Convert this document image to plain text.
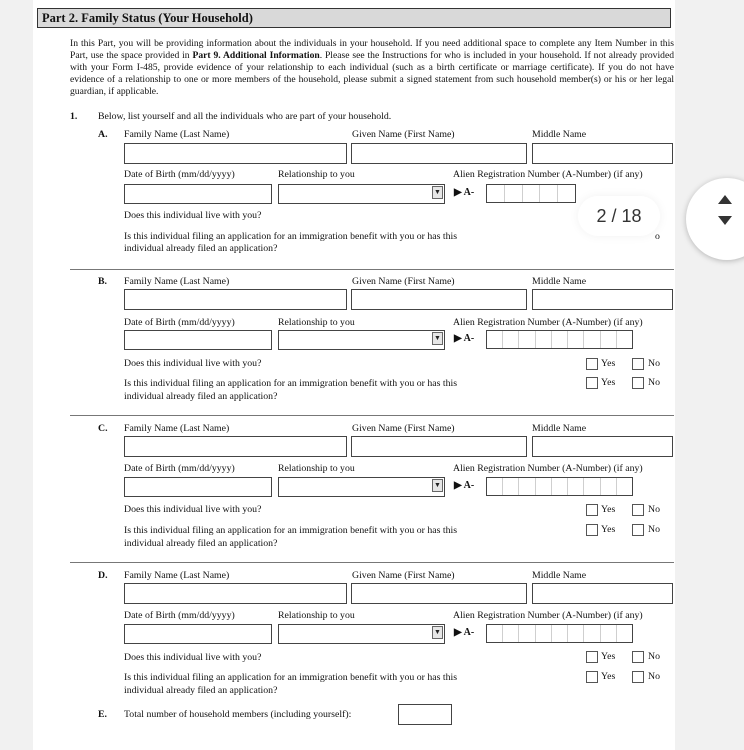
Part 2. Family Status (Your Household)
In this Part, you will be providing information about the individuals in your household. If you need additional space to complete any Item Number in this Part, use the space provided in Part 9. Additional Information. Please see the Instructions for who is included in your household. If not already provided with your Form I-485, provide evidence of your relationship to each individual (such as a birth certificate or marriage certificate). If you do not have evidence of a relationship to one or more members of the household, please submit a signed statement from such household member(s) or his or her legal guardian, if applicable.
1. Below, list yourself and all the individuals who are part of your household.
A. Family Name (Last Name)	Given Name (First Name)	Middle Name
Date of Birth (mm/dd/yyyy)	Relationship to you	Alien Registration Number (A-Number) (if any)
▼ ▶ A-
Does this individual live with you?
Is this individual filing an application for an immigration benefit with you or has this
individual already filed an application?
o
B. Family Name (Last Name)	Given Name (First Name)	Middle Name
Date of Birth (mm/dd/yyyy)	Relationship to you	Alien Registration Number (A-Number) (if any)
▼ ▶ A-
Does this individual live with you?	Yes	No
Is this individual filing an application for an immigration benefit with you or has this
individual already filed an application?
Yes	No
C. Family Name (Last Name)	Given Name (First Name)	Middle Name
Date of Birth (mm/dd/yyyy)	Relationship to you	Alien Registration Number (A-Number) (if any)
▼ ▶ A-
Does this individual live with you?	Yes	No
Is this individual filing an application for an immigration benefit with you or has this
individual already filed an application?
Yes	No
D. Family Name (Last Name)	Given Name (First Name)	Middle Name
Date of Birth (mm/dd/yyyy)	Relationship to you	Alien Registration Number (A-Number) (if any)
▼ ▶ A-
Does this individual live with you?	Yes	No
Is this individual filing an application for an immigration benefit with you or has this
individual already filed an application?
Yes	No
E. Total number of household members (including yourself):
2 / 18
